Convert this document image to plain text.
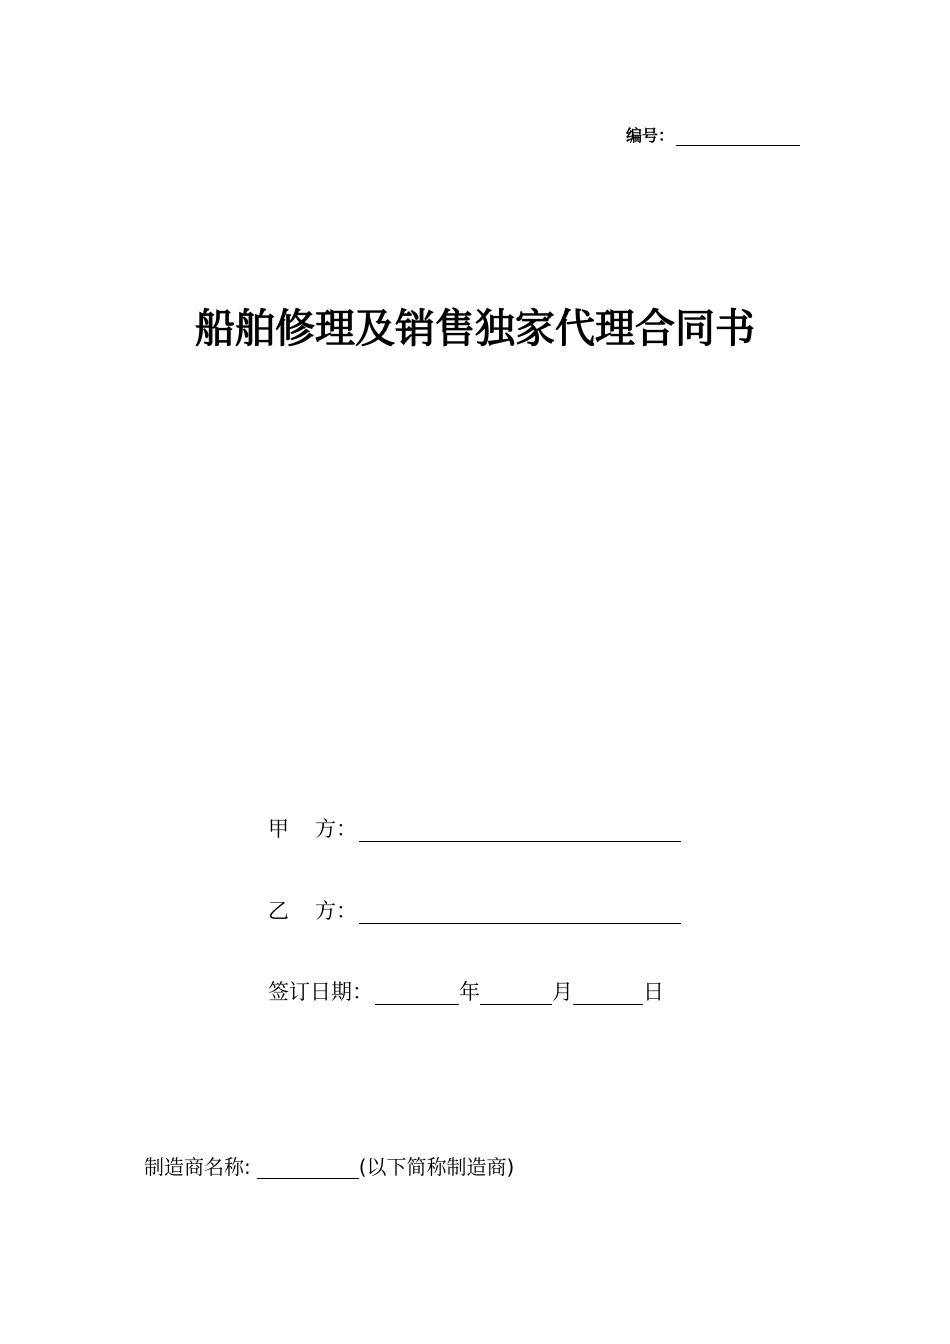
编号：
船舶修理及销售独家代理合同书
甲	方：
乙	方：
签订日期：	年	月	日
制造商名称:	(以下简称制造商)
